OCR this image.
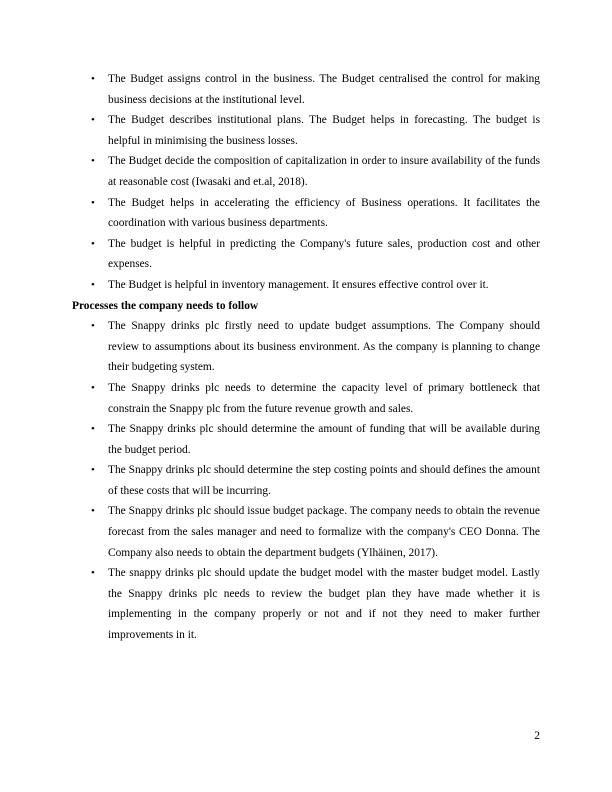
• The Budget assigns control in the business. The Budget centralised the control for making business decisions at the institutional level.
• The Budget describes institutional plans. The Budget helps in forecasting. The budget is helpful in minimising the business losses.
• The Budget decide the composition of capitalization in order to insure availability of the funds at reasonable cost (Iwasaki and et.al, 2018).
• The Budget helps in accelerating the efficiency of Business operations. It facilitates the coordination with various business departments.
• The budget is helpful in predicting the Company's future sales, production cost and other expenses.
• The Budget is helpful in inventory management. It ensures effective control over it.

Processes the company needs to follow

• The Snappy drinks plc firstly need to update budget assumptions. The Company should review to assumptions about its business environment. As the company is planning to change their budgeting system.
• The Snappy drinks plc needs to determine the capacity level of primary bottleneck that constrain the Snappy plc from the future revenue growth and sales.
• The Snappy drinks plc should determine the amount of funding that will be available during the budget period.
• The Snappy drinks plc should determine the step costing points and should defines the amount of these costs that will be incurring.
• The Snappy drinks plc should issue budget package. The company needs to obtain the revenue forecast from the sales manager and need to formalize with the company's CEO Donna. The Company also needs to obtain the department budgets (Ylhäinen, 2017).
• The snappy drinks plc should update the budget model with the master budget model. Lastly the Snappy drinks plc needs to review the budget plan they have made whether it is implementing in the company properly or not and if not they need to maker further improvements in it.
2
